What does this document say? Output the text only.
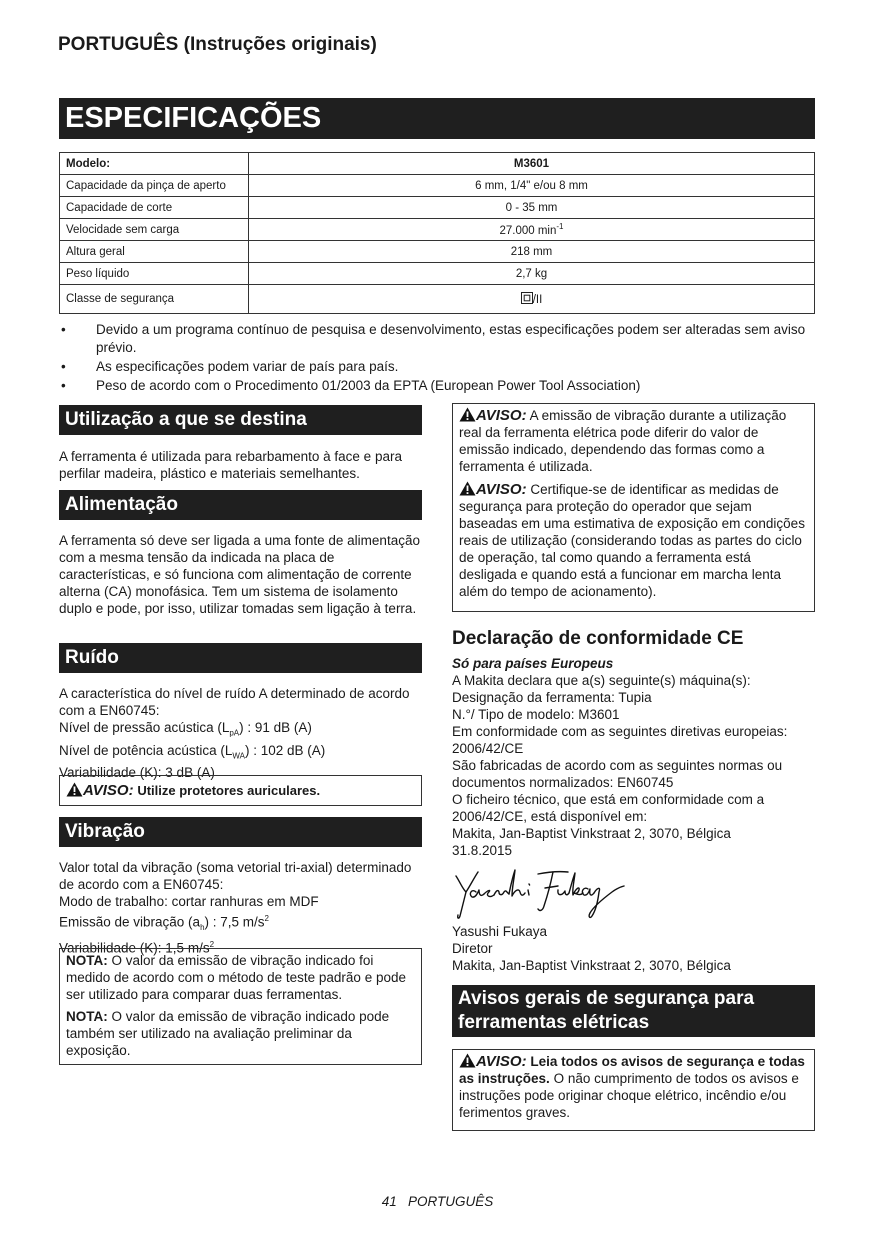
PORTUGUÊS (Instruções originais)
ESPECIFICAÇÕES
Modelo:	M3601
Capacidade da pinça de aperto	6 mm, 1/4" e/ou 8 mm
Capacidade de corte	0 - 35 mm
Velocidade sem carga	27.000 $\min^{-1}$
Altura geral	218 mm
Peso líquido	2,7 kg
Classe de segurança	/II
•	Devido a um programa contínuo de pesquisa e desenvolvimento, estas especificações podem ser alteradas sem aviso prévio.
•	As especificações podem variar de país para país.
•	Peso de acordo com o Procedimento 01/2003 da EPTA (European Power Tool Association)
Utilização a que se destina
A ferramenta é utilizada para rebarbamento à face e para perfilar madeira, plástico e materiais semelhantes.
Alimentação
A ferramenta só deve ser ligada a uma fonte de alimentação com a mesma tensão da indicada na placa de características, e só funciona com alimentação de corrente alterna (CA) monofásica. Tem um sistema de isolamento duplo e pode, por isso, utilizar tomadas sem ligação à terra.
Ruído
A característica do nível de ruído A determinado de acordo com a EN60745:
Nível de pressão acústica $(L_{pA})$ : 91 dB (A)
Nível de potência acústica $(L_{WA})$ : 102 dB (A)
Variabilidade (K): 3 dB (A)
AVISO: Utilize protetores auriculares.
Vibração
Valor total da vibração (soma vetorial tri-axial) determinado de acordo com a EN60745:
Modo de trabalho: cortar ranhuras em MDF
Emissão de vibração $(a_h)$ : 7,5 $m/s^2$
Variabilidade (K): 1,5 $m/s^2$
NOTA: O valor da emissão de vibração indicado foi medido de acordo com o método de teste padrão e pode ser utilizado para comparar duas ferramentas.
NOTA: O valor da emissão de vibração indicado pode também ser utilizado na avaliação preliminar da exposição.
AVISO: A emissão de vibração durante a utilização real da ferramenta elétrica pode diferir do valor de emissão indicado, dependendo das formas como a ferramenta é utilizada.
AVISO: Certifique-se de identificar as medidas de segurança para proteção do operador que sejam baseadas em uma estimativa de exposição em condições reais de utilização (considerando todas as partes do ciclo de operação, tal como quando a ferramenta está desligada e quando está a funcionar em marcha lenta além do tempo de acionamento).
Declaração de conformidade CE
Só para países Europeus
A Makita declara que a(s) seguinte(s) máquina(s):
Designação da ferramenta: Tupia
N.°/ Tipo de modelo: M3601
Em conformidade com as seguintes diretivas europeias: 2006/42/CE
São fabricadas de acordo com as seguintes normas ou documentos normalizados: EN60745
O ficheiro técnico, que está em conformidade com a 2006/42/CE, está disponível em:
Makita, Jan-Baptist Vinkstraat 2, 3070, Bélgica
31.8.2015
Yasushi Fukaya
Diretor
Makita, Jan-Baptist Vinkstraat 2, 3070, Bélgica
Avisos gerais de segurança para ferramentas elétricas
AVISO: Leia todos os avisos de segurança e todas as instruções. O não cumprimento de todos os avisos e instruções pode originar choque elétrico, incêndio e/ou ferimentos graves.
41 PORTUGUÊS
